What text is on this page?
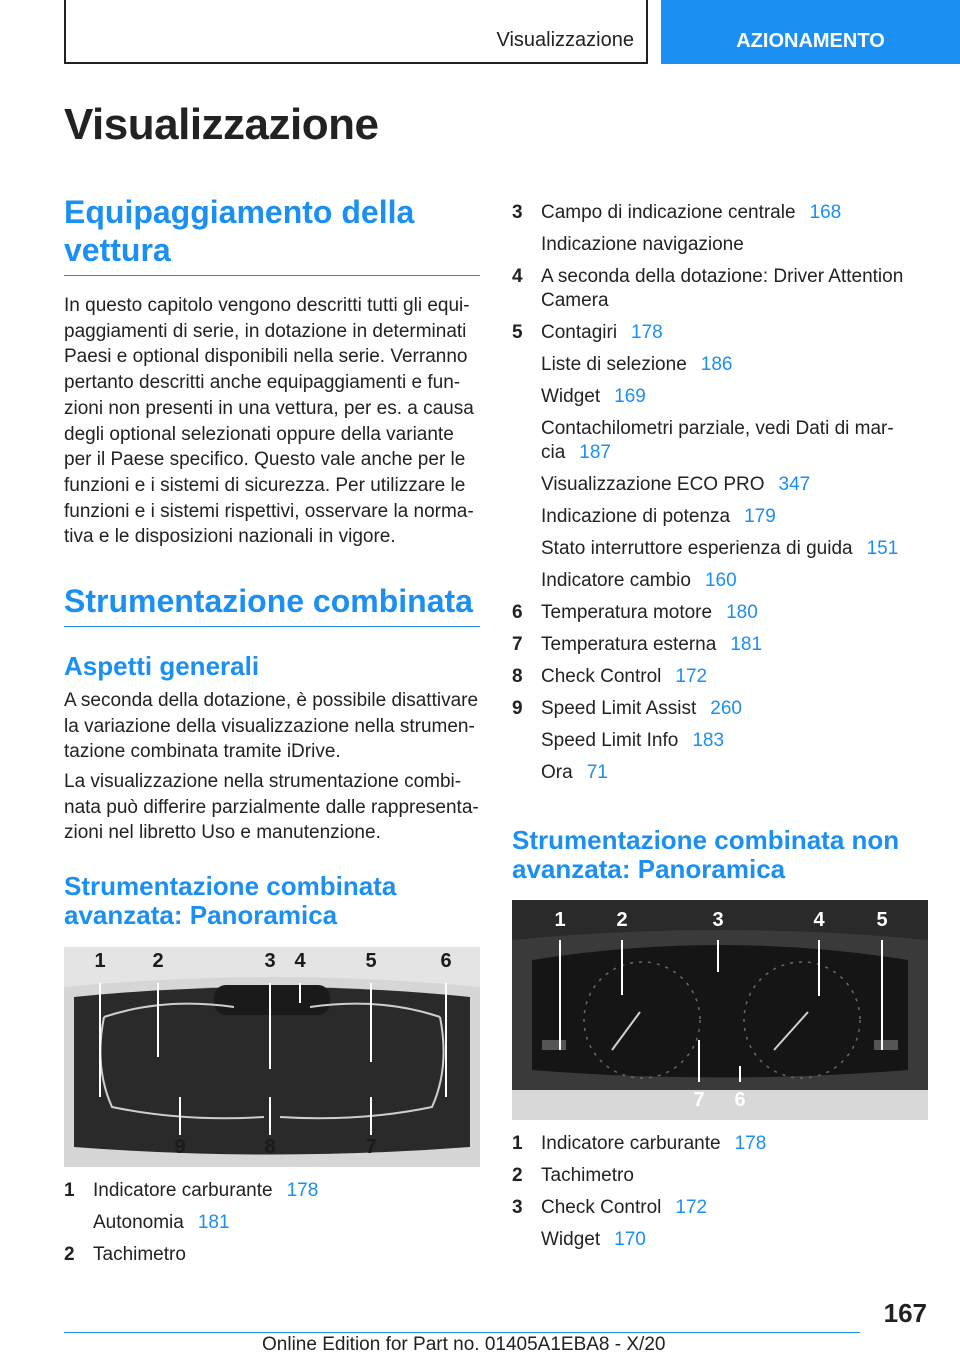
Visualizzazione	AZIONAMENTO
Visualizzazione
Equipaggiamento della vettura

In questo capitolo vengono descritti tutti gli equi-paggiamenti di serie, in dotazione in determinati Paesi e optional disponibili nella serie. Verranno pertanto descritti anche equipaggiamenti e fun-zioni non presenti in una vettura, per es. a causa degli optional selezionati oppure della variante per il Paese specifico. Questo vale anche per le funzioni e i sistemi di sicurezza. Per utilizzare le funzioni e i sistemi rispettivi, osservare la norma-tiva e le disposizioni nazionali in vigore.

Strumentazione combinata
Aspetti generali

A seconda della dotazione, è possibile disattivare la variazione della visualizzazione nella strumen-tazione combinata tramite iDrive.

La visualizzazione nella strumentazione combi-nata può differire parzialmente dalle rappresenta-zioni nel libretto Uso e manutenzione.

Strumentazione combinata avanzata: Panoramica
1 2	3 4	5	6
9	8	7
1 Indicatore carburante 178
Autonomia 181
2 Tachimetro
3 Campo di indicazione centrale 168
Indicazione navigazione
4 A seconda della dotazione: Driver Attention Camera
5 Contagiri 178
Liste di selezione 186
Widget 169
Contachilometri parziale, vedi Dati di mar-cia 187
Visualizzazione ECO PRO 347
Indicazione di potenza 179
Stato interruttore esperienza di guida 151
Indicatore cambio 160
6 Temperatura motore 180
7 Temperatura esterna 181
8 Check Control 172
9 Speed Limit Assist 260
Speed Limit Info 183
Ora 71
Strumentazione combinata non avanzata: Panoramica
1	2	3	4	5
7 6
1 Indicatore carburante 178
2 Tachimetro
3 Check Control 172
Widget 170
167
Online Edition for Part no. 01405A1EBA8 - X/20
